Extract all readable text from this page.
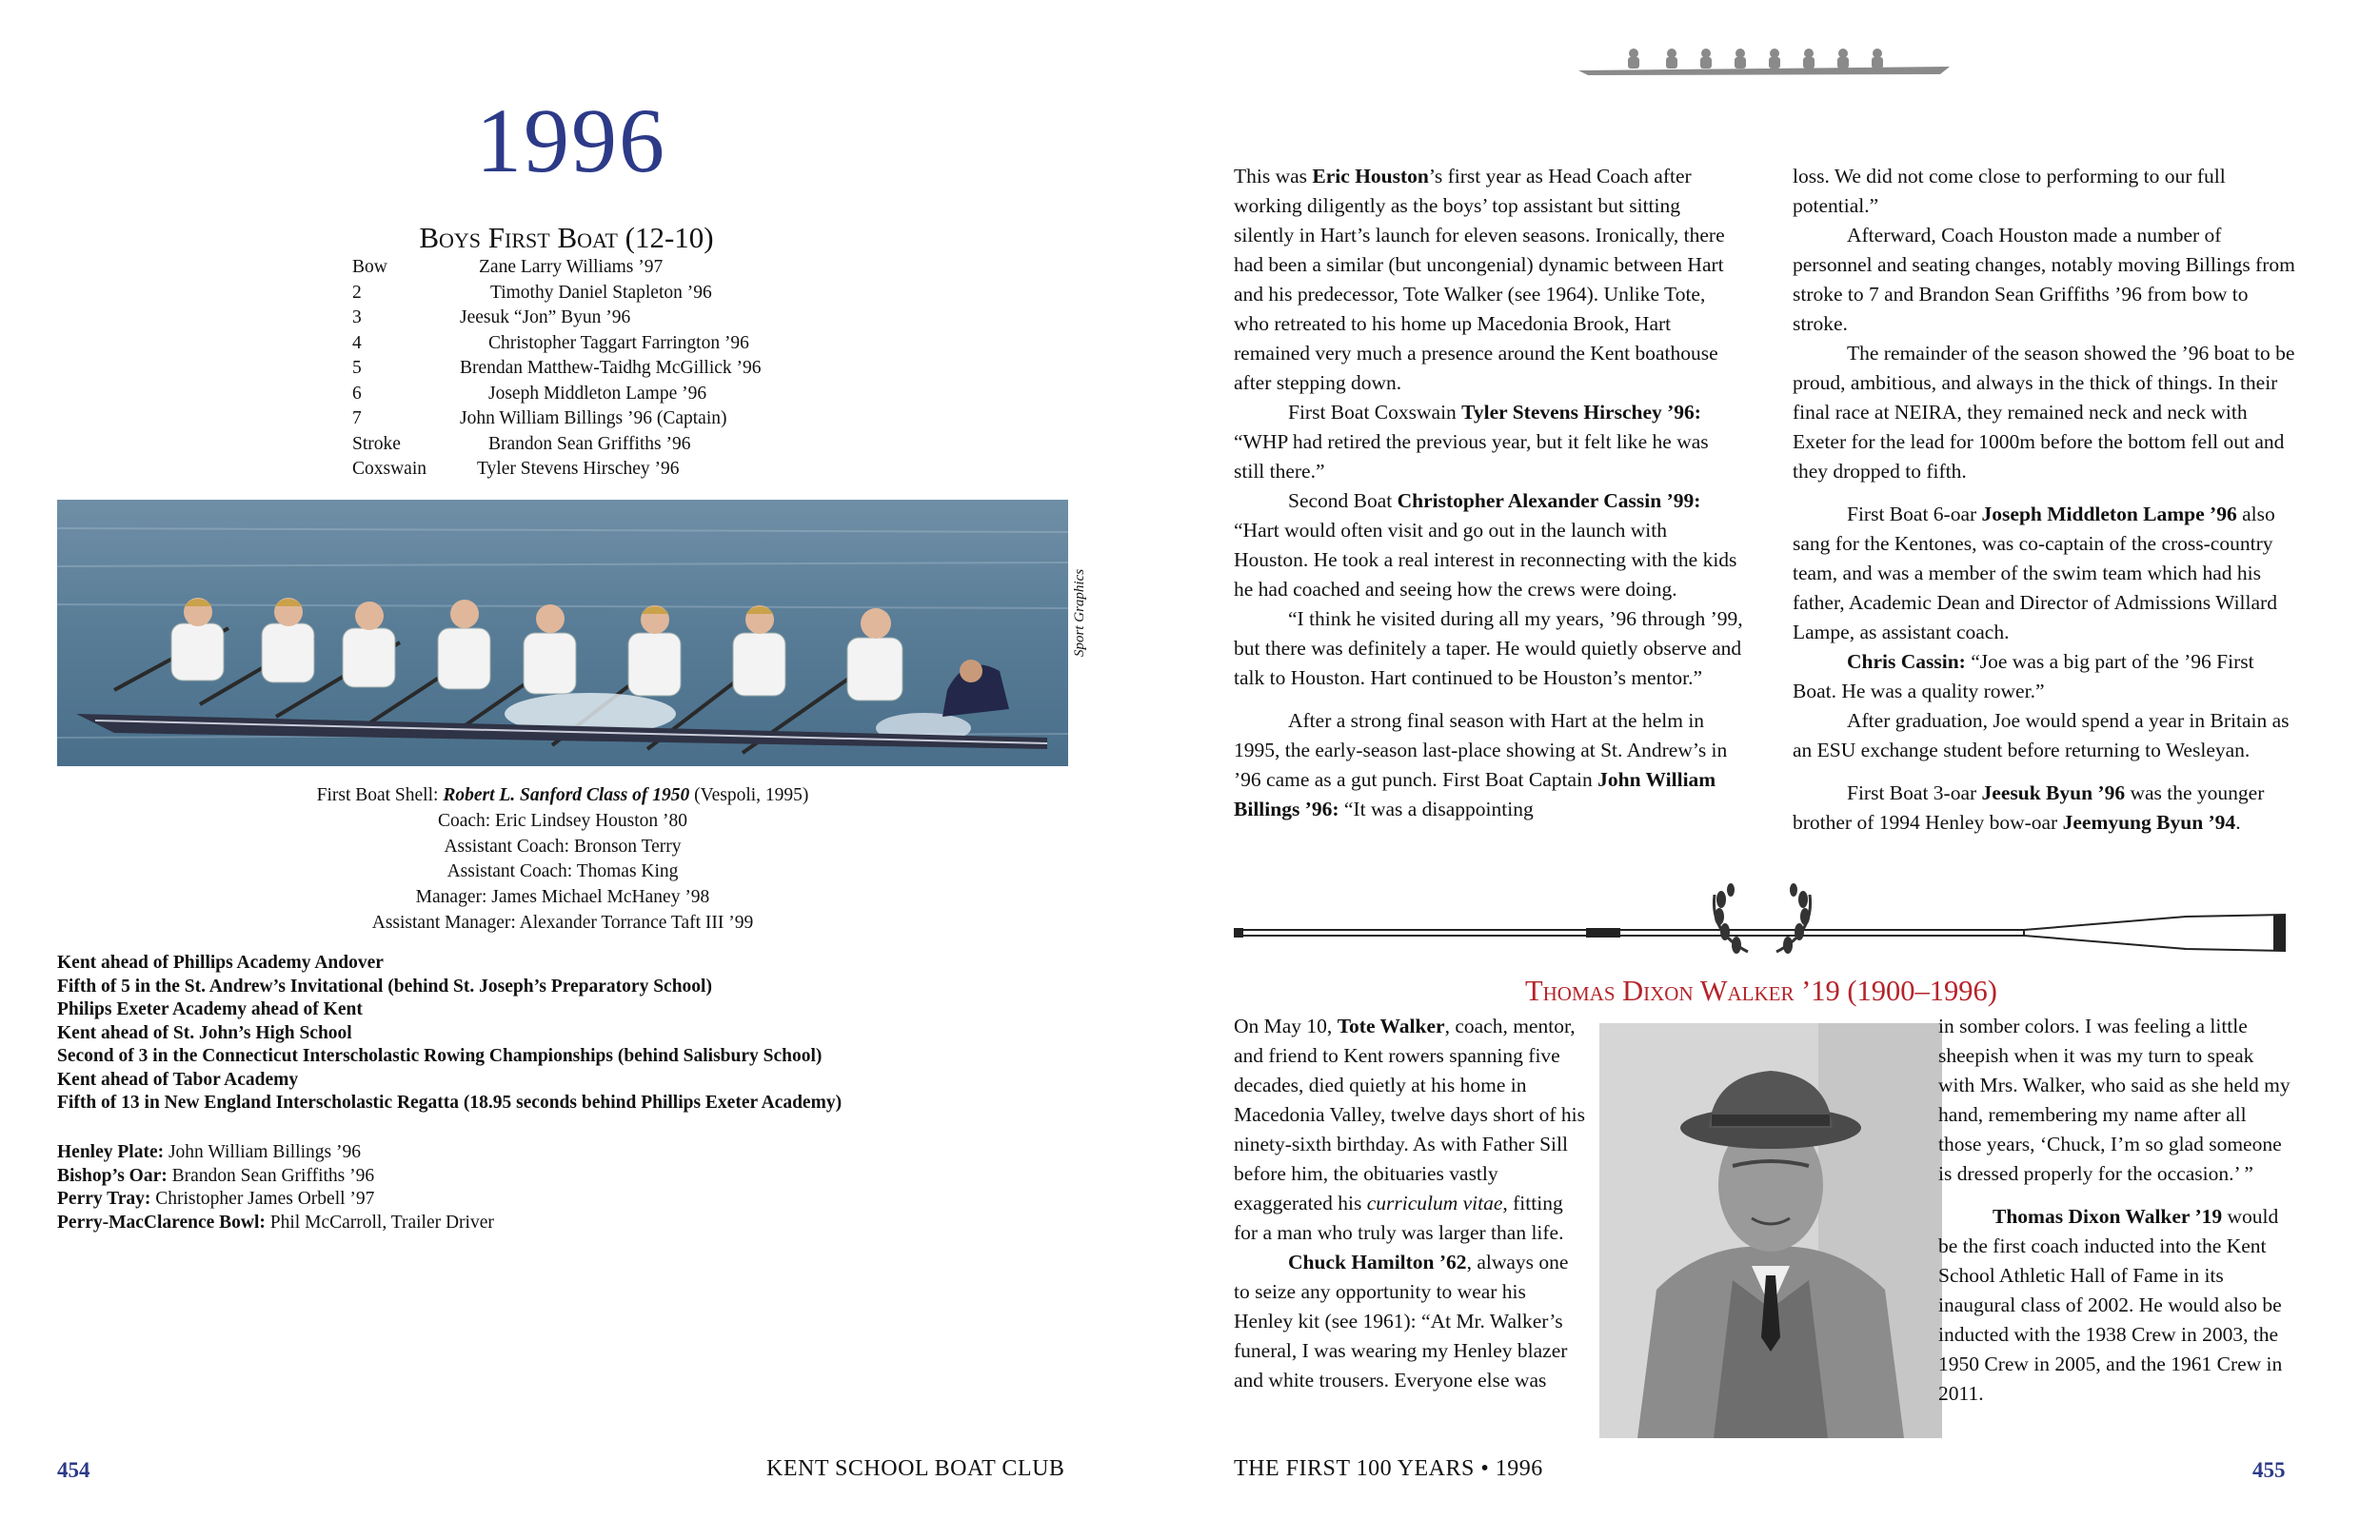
1996
Boys First Boat (12-10)
Bow	Zane Larry Williams ’97
2	Timothy Daniel Stapleton ’96
3	Jeesuk “Jon” Byun ’96
4	Christopher Taggart Farrington ’96
5	Brendan Matthew-Taidhg McGillick ’96
6	Joseph Middleton Lampe ’96
7	John William Billings ’96 (Captain)
Stroke	Brandon Sean Griffiths ’96
Coxswain	Tyler Stevens Hirschey ’96
Sport Graphics
First Boat Shell: Robert L. Sanford Class of 1950 (Vespoli, 1995)
Coach: Eric Lindsey Houston ’80
Assistant Coach: Bronson Terry
Assistant Coach: Thomas King
Manager: James Michael McHaney ’98
Assistant Manager: Alexander Torrance Taft III ’99
Kent ahead of Phillips Academy Andover
Fifth of 5 in the St. Andrew’s Invitational (behind St. Joseph’s Preparatory School)
Philips Exeter Academy ahead of Kent
Kent ahead of St. John’s High School
Second of 3 in the Connecticut Interscholastic Rowing Championships (behind Salisbury School)
Kent ahead of Tabor Academy
Fifth of 13 in New England Interscholastic Regatta (18.95 seconds behind Phillips Exeter Academy)
Henley Plate: John William Billings ’96
Bishop’s Oar: Brandon Sean Griffiths ’96
Perry Tray: Christopher James Orbell ’97
Perry-MacClarence Bowl: Phil McCarroll, Trailer Driver
454	KENT SCHOOL BOAT CLUB

This was Eric Houston’s first year as Head Coach after working diligently as the boys’ top assistant but sitting silently in Hart’s launch for eleven seasons. Ironically, there had been a similar (but uncongenial) dynamic between Hart and his predecessor, Tote Walker (see 1964). Unlike Tote, who retreated to his home up Macedonia Brook, Hart remained very much a presence around the Kent boathouse after stepping down.

First Boat Coxswain Tyler Stevens Hirschey ’96: “WHP had retired the previous year, but it felt like he was still there.”

Second Boat Christopher Alexander Cassin ’99: “Hart would often visit and go out in the launch with Houston. He took a real interest in reconnecting with the kids he had coached and seeing how the crews were doing.

“I think he visited during all my years, ’96 through ’99, but there was definitely a taper. He would quietly observe and talk to Houston. Hart continued to be Houston’s mentor.”

After a strong final season with Hart at the helm in 1995, the early-season last-place showing at St. Andrew’s in ’96 came as a gut punch. First Boat Captain John William Billings ’96: “It was a disappointing

loss. We did not come close to performing to our full potential.”

Afterward, Coach Houston made a number of personnel and seating changes, notably moving Billings from stroke to 7 and Brandon Sean Griffiths ’96 from bow to stroke.

The remainder of the season showed the ’96 boat to be proud, ambitious, and always in the thick of things. In their final race at NEIRA, they remained neck and neck with Exeter for the lead for 1000m before the bottom fell out and they dropped to fifth.

First Boat 6-oar Joseph Middleton Lampe ’96 also sang for the Kentones, was co-captain of the cross-country team, and was a member of the swim team which had his father, Academic Dean and Director of Admissions Willard Lampe, as assistant coach.

Chris Cassin: “Joe was a big part of the ’96 First Boat. He was a quality rower.”

After graduation, Joe would spend a year in Britain as an ESU exchange student before returning to Wesleyan.

First Boat 3-oar Jeesuk Byun ’96 was the younger brother of 1994 Henley bow-oar Jeemyung Byun ’94.

Thomas Dixon Walker ’19 (1900–1996)

On May 10, Tote Walker, coach, mentor, and friend to Kent rowers spanning five decades, died quietly at his home in Macedonia Valley, twelve days short of his ninety-sixth birthday. As with Father Sill before him, the obituaries vastly exaggerated his curriculum vitae, fitting for a man who truly was larger than life.

Chuck Hamilton ’62, always one to seize any opportunity to wear his Henley kit (see 1961): “At Mr. Walker’s funeral, I was wearing my Henley blazer and white trousers. Everyone else was

in somber colors. I was feeling a little sheepish when it was my turn to speak with Mrs. Walker, who said as she held my hand, remembering my name after all those years, ‘Chuck, I’m so glad someone is dressed properly for the occasion.’ ”

Thomas Dixon Walker ’19 would be the first coach inducted into the Kent School Athletic Hall of Fame in its inaugural class of 2002. He would also be inducted with the 1938 Crew in 2003, the 1950 Crew in 2005, and the 1961 Crew in 2011.

THE FIRST 100 YEARS • 1996	455
